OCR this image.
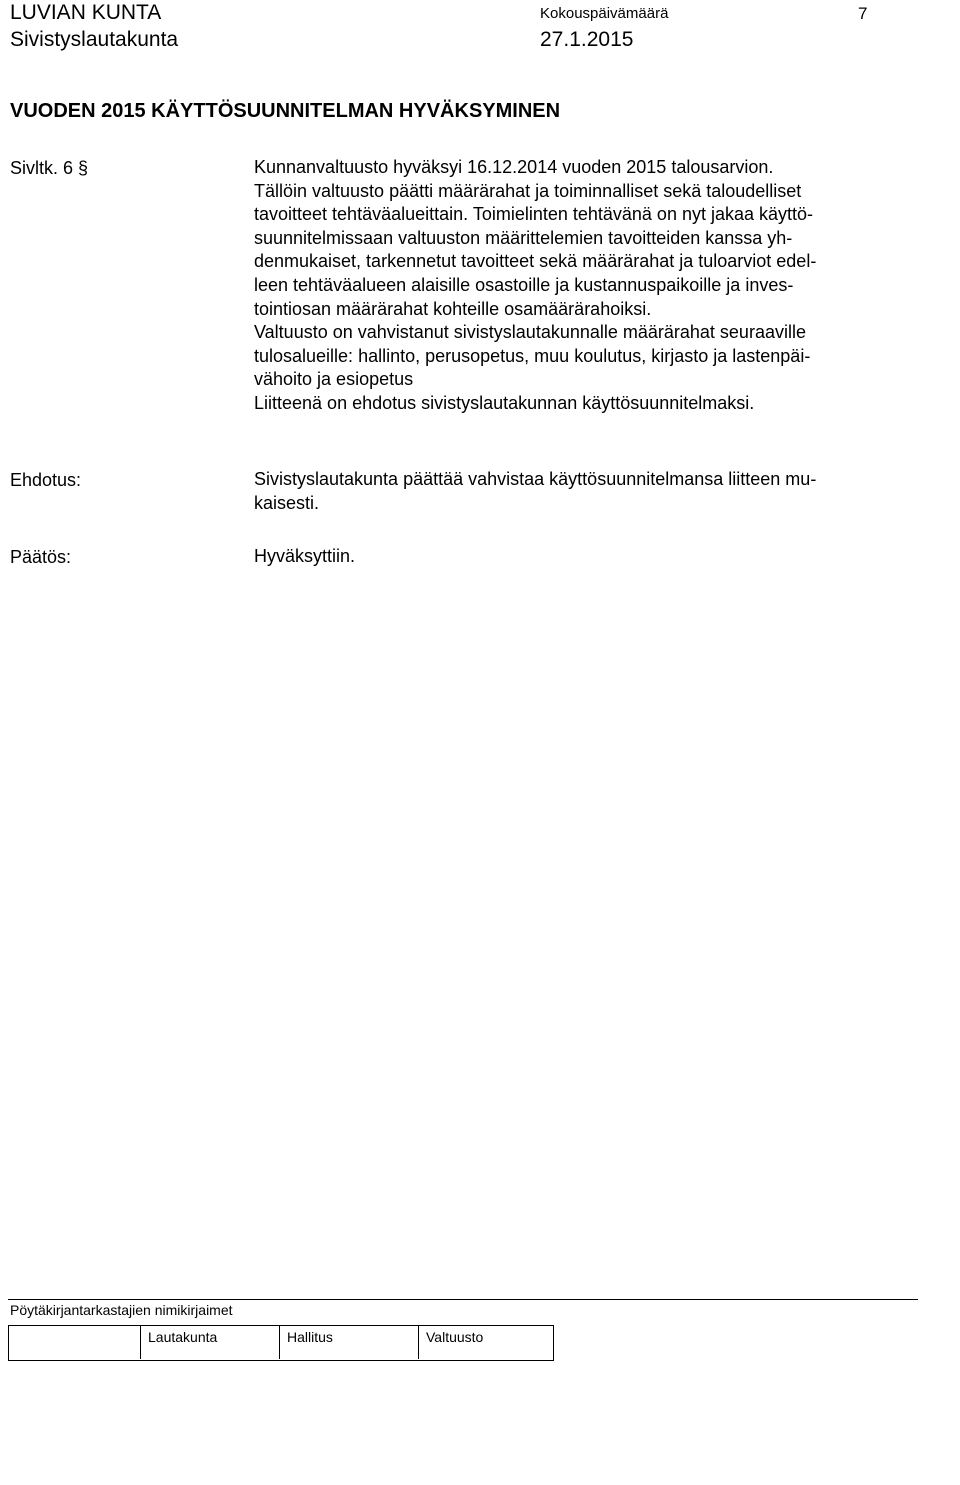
LUVIAN KUNTA
Sivistyslautakunta
Kokouspäivämäärä
27.1.2015
7
VUODEN 2015 KÄYTTÖSUUNNITELMAN HYVÄKSYMINEN
Sivltk. 6 §	Kunnanvaltuusto hyväksyi 16.12.2014 vuoden 2015 talousarvion.
Tällöin valtuusto päätti määrärahat ja toiminnalliset sekä taloudelliset
tavoitteet tehtäväalueittain. Toimielinten tehtävänä on nyt jakaa käyttö-
suunnitelmissaan valtuuston määrittelemien tavoitteiden kanssa yh-
denmukaiset, tarkennetut tavoitteet sekä määrärahat ja tuloarviot edel-
leen tehtäväalueen alaisille osastoille ja kustannuspaikoille ja inves-
tointiosan määrärahat kohteille osamäärärahoiksi.
Valtuusto on vahvistanut sivistyslautakunnalle määrärahat seuraaville
tulosalueille: hallinto, perusopetus, muu koulutus, kirjasto ja lastenpäi-
vähoito ja esiopetus
Liitteenä on ehdotus sivistyslautakunnan käyttösuunnitelmaksi.
Ehdotus:	Sivistyslautakunta päättää vahvistaa käyttösuunnitelmansa liitteen mu-
kaisesti.
Päätös:	Hyväksyttiin.
Pöytäkirjantarkastajien nimikirjaimet
Lautakunta	Hallitus	Valtuusto
